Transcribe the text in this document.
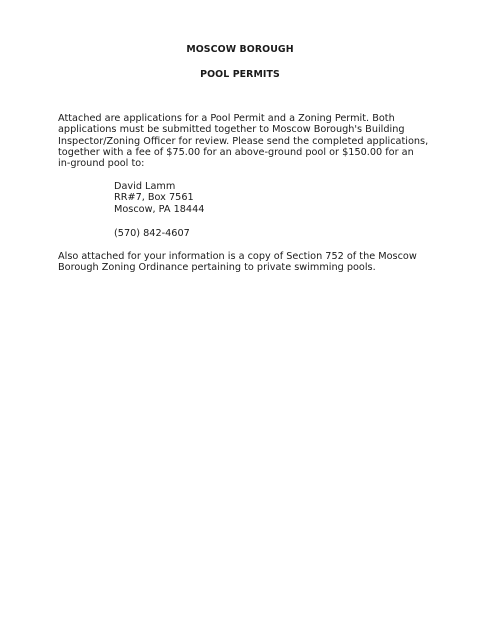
MOSCOW BOROUGH
POOL PERMITS
Attached are applications for a Pool Permit and a Zoning Permit. Both
applications must be submitted together to Moscow Borough's Building
Inspector/Zoning Officer for review. Please send the completed applications,
together with a fee of $75.00 for an above-ground pool or $150.00 for an
in-ground pool to:
David Lamm
RR#7, Box 7561
Moscow, PA 18444
(570) 842-4607
Also attached for your information is a copy of Section 752 of the Moscow
Borough Zoning Ordinance pertaining to private swimming pools.
